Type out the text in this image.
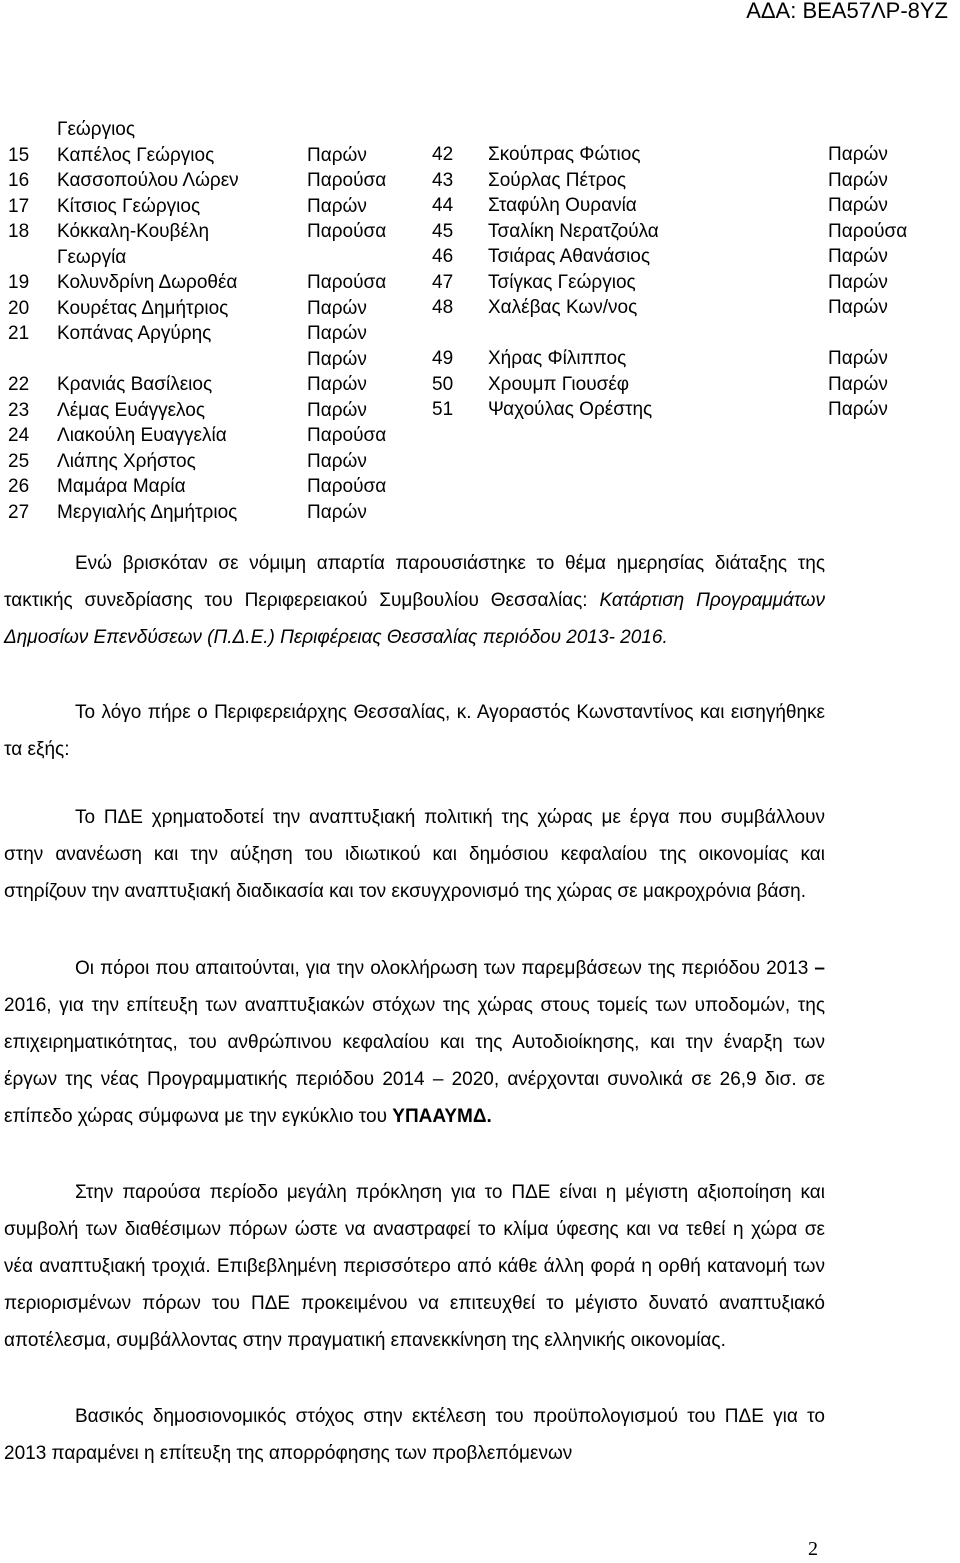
ΑΔΑ: ΒΕΑ57ΛΡ-8ΥΖ
Γεώργιος
15 Καπέλος Γεώργιος	Παρών
16 Κασσοπούλου Λώρεν	Παρούσα
17 Κίτσιος Γεώργιος	Παρών
18 Κόκκαλη-Κουβέλη	Παρούσα
Γεωργία
19 Κολυνδρίνη Δωροθέα	Παρούσα
20 Κουρέτας Δημήτριος	Παρών
21 Κοπάνας Αργύρης	Παρών
Παρών
22 Κρανιάς Βασίλειος	Παρών
23 Λέμας Ευάγγελος	Παρών
24 Λιακούλη Ευαγγελία	Παρούσα
25 Λιάπης Χρήστος	Παρών
26 Μαμάρα Μαρία	Παρούσα
27 Μεργιαλής Δημήτριος	Παρών
42 Σκούπρας Φώτιος	Παρών
43 Σούρλας Πέτρος	Παρών
44 Σταφύλη Ουρανία	Παρών
45 Τσαλίκη Νερατζούλα	Παρούσα
46 Τσιάρας Αθανάσιος	Παρών
47 Τσίγκας Γεώργιος	Παρών
48 Χαλέβας Κων/νος	Παρών
49 Χήρας Φίλιππος	Παρών
50 Χρουμπ Γιουσέφ	Παρών
51 Ψαχούλας Ορέστης	Παρών
Ενώ βρισκόταν σε νόμιμη απαρτία παρουσιάστηκε το θέμα ημερησίας διάταξης της τακτικής συνεδρίασης του Περιφερειακού Συμβουλίου Θεσσαλίας: Κατάρτιση Προγραμμάτων Δημοσίων Επενδύσεων (Π.Δ.Ε.) Περιφέρειας Θεσσαλίας περιόδου 2013- 2016.
Το λόγο πήρε ο Περιφερειάρχης Θεσσαλίας, κ. Αγοραστός Κωνσταντίνος και εισηγήθηκε τα εξής:
Το ΠΔΕ χρηματοδοτεί την αναπτυξιακή πολιτική της χώρας με έργα που συμβάλλουν στην ανανέωση και την αύξηση του ιδιωτικού και δημόσιου κεφαλαίου της οικονομίας και στηρίζουν την αναπτυξιακή διαδικασία και τον εκσυγχρονισμό της χώρας σε μακροχρόνια βάση.
Οι πόροι που απαιτούνται, για την ολοκλήρωση των παρεμβάσεων της περιόδου 2013 – 2016, για την επίτευξη των αναπτυξιακών στόχων της χώρας στους τομείς των υποδομών, της επιχειρηματικότητας, του ανθρώπινου κεφαλαίου και της Αυτοδιοίκησης, και την έναρξη των έργων της νέας Προγραμματικής περιόδου 2014 – 2020, ανέρχονται συνολικά σε 26,9 δισ. σε επίπεδο χώρας σύμφωνα με την εγκύκλιο του ΥΠΑΑΥΜΔ.
Στην παρούσα περίοδο μεγάλη πρόκληση για το ΠΔΕ είναι η μέγιστη αξιοποίηση και συμβολή των διαθέσιμων πόρων ώστε να αναστραφεί το κλίμα ύφεσης και να τεθεί η χώρα σε νέα αναπτυξιακή τροχιά. Επιβεβλημένη περισσότερο από κάθε άλλη φορά η ορθή κατανομή των περιορισμένων πόρων του ΠΔΕ προκειμένου να επιτευχθεί το μέγιστο δυνατό αναπτυξιακό αποτέλεσμα, συμβάλλοντας στην πραγματική επανεκκίνηση της ελληνικής οικονομίας.
Βασικός δημοσιονομικός στόχος στην εκτέλεση του προϋπολογισμού του ΠΔΕ για το 2013 παραμένει η επίτευξη της απορρόφησης των προβλεπόμενων
2
